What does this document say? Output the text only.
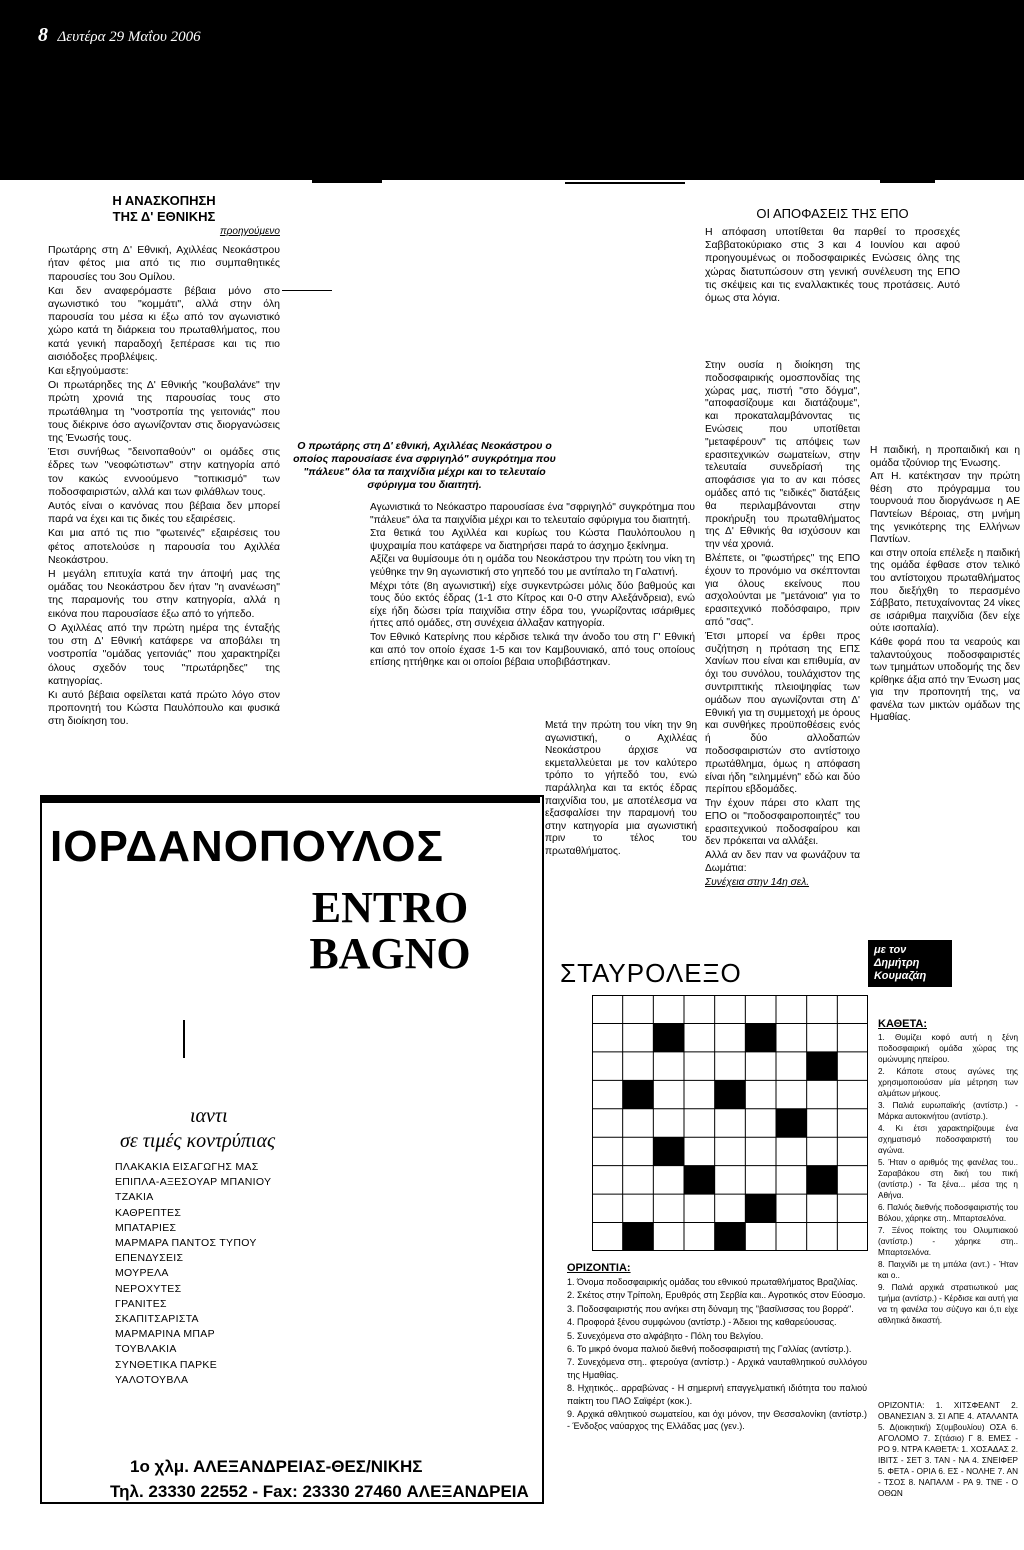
8 Δευτέρα 29 Μαΐου 2006
Η ΑΝΑΣΚΟΠΗΣΗ
ΤΗΣ Δ' ΕΘΝΙΚΗΣ
προηγούμενο

Πρωτάρης στη Δ' Εθνική, Αχιλλέας Νεοκάστρου ήταν φέτος μια από τις πιο συμπαθητικές παρουσίες του 3ου Ομίλου.

Και δεν αναφερόμαστε βέβαια μόνο στο αγωνιστικό του "κομμάτι", αλλά στην όλη παρουσία του μέσα κι έξω από τον αγωνιστικό χώρο κατά τη διάρκεια του πρωταθλήματος, που κατά γενική παραδοχή ξεπέρασε και τις πιο αισιόδοξες προβλέψεις.

Και εξηγούμαστε:

Οι πρωτάρηδες της Δ' Εθνικής "κουβαλάνε" την πρώτη χρονιά της παρουσίας τους στο πρωτάθλημα τη "νοστροπία της γειτονιάς" που τους διέκρινε όσο αγωνίζονταν στις διοργανώσεις της Ένωσής τους.

Έτσι συνήθως "δεινοπαθούν" οι ομάδες στις έδρες των "νεοφώτιστων" στην κατηγορία από τον κακώς εννοούμενο "τοπικισμό" των ποδοσφαιριστών, αλλά και των φιλάθλων τους.

Αυτός είναι ο κανόνας που βέβαια δεν μπορεί παρά να έχει και τις δικές του εξαιρέσεις.

Και μια από τις πιο "φωτεινές" εξαιρέσεις του φέτος αποτελούσε η παρουσία του Αχιλλέα Νεοκάστρου.

Η μεγάλη επιτυχία κατά την άποψή μας της ομάδας του Νεοκάστρου δεν ήταν "η ανανέωση" της παραμονής του στην κατηγορία, αλλά η εικόνα που παρουσίασε έξω από το γήπεδο.

Ο Αχιλλέας από την πρώτη ημέρα της ένταξής του στη Δ' Εθνική κατάφερε να αποβάλει τη νοστροπία "ομάδας γειτονιάς" που χαρακτηρίζει όλους σχεδόν τους "πρωτάρηδες" της κατηγορίας.

Κι αυτό βέβαια οφείλεται κατά πρώτο λόγο στον προπονητή του Κώστα Παυλόπουλο και φυσικά στη διοίκηση του.

Ο πρωτάρης στη Δ' εθνική, Αχιλλέας Νεοκάστρου ο οποίος παρουσίασε ένα σφριγηλό" συγκρότημα που "πάλευε" όλα τα παιχνίδια μέχρι και το τελευταίο σφύριγμα του διαιτητή.

Αγωνιστικά το Νεόκαστρο παρουσίασε ένα "σφριγηλό" συγκρότημα που "πάλευε" όλα τα παιχνίδια μέχρι και το τελευταίο σφύριγμα του διαιτητή.

Στα θετικά του Αχιλλέα και κυρίως του Κώστα Παυλόπουλου η ψυχραιμία που κατάφερε να διατηρήσει παρά το άσχημο ξεκίνημα.

Αξίζει να θυμίσουμε ότι η ομάδα του Νεοκάστρου την πρώτη του νίκη τη γεύθηκε την 9η αγωνιστική στο γηπεδό του με αντίπαλο τη Γαλατινή.

Μέχρι τότε (8η αγωνιστική) είχε συγκεντρώσει μόλις δύο βαθμούς και τους δύο εκτός έδρας (1-1 στο Κίτρος και 0-0 στην Αλεξάνδρεια), ενώ είχε ήδη δώσει τρία παιχνίδια στην έδρα του, γνωρίζοντας ισάριθμες ήττες από ομάδες, στη συνέχεια άλλαξαν κατηγορία.

Τον Εθνικό Κατερίνης που κέρδισε τελικά την άνοδο του στη Γ' Εθνική και από τον οποίο έχασε 1-5 και τον Καμβουνιακό, από τους οποίους επίσης ηττήθηκε και οι οποίοι βέβαια υποβιβάστηκαν.

Μετά την πρώτη του νίκη την 9η αγωνιστική, ο Αχιλλέας Νεοκάστρου άρχισε να εκμεταλλεύεται με τον καλύτερο τρόπο το γήπεδό του, ενώ παράλληλα και τα εκτός έδρας παιχνίδια του, με αποτέλεσμα να εξασφαλίσει την παραμονή του στην κατηγορία μια αγωνιστική πριν το τέλος του πρωταθλήματος.

ΟΙ ΑΠΟΦΑΣΕΙΣ ΤΗΣ ΕΠΟ

Η απόφαση υποτίθεται θα παρθεί το προσεχές Σαββατοκύριακο στις 3 και 4 Ιουνίου και αφού προηγουμένως οι ποδοσφαιρικές Ενώσεις όλης της χώρας διατυπώσουν στη γενική συνέλευση της ΕΠΟ τις σκέψεις και τις εναλλακτικές τους προτάσεις. Αυτό όμως στα λόγια.

Στην ουσία η διοίκηση της ποδοσφαιρικής ομοσπονδίας της χώρας μας, πιστή "στο δόγμα", "αποφασίζουμε και διατάζουμε", και προκαταλαμβάνοντας τις Ενώσεις που υποτίθεται "μεταφέρουν" τις απόψεις των ερασιτεχνικών σωματείων, στην τελευταία συνεδρίασή της αποφάσισε για το αν και πόσες ομάδες από τις "ειδικές" διατάξεις θα περιλαμβάνονται στην προκήρυξη του πρωταθλήματος της Δ' Εθνικής θα ισχύσουν και την νέα χρονιά.

Βλέπετε, οι "φωστήρες" της ΕΠΟ έχουν το προνόμιο να σκέπτονται για όλους εκείνους που ασχολούνται με "μετάνοια" για το ερασιτεχνικό ποδόσφαιρο, πριν από "σας".

Έτσι μπορεί να έρθει προς συζήτηση η πρόταση της ΕΠΣ Χανίων που είναι και επιθυμία, αν όχι του συνόλου, τουλάχιστον της συντριπτικής πλειοψηφίας των ομάδων που αγωνίζονται στη Δ' Εθνική για τη συμμετοχή με όρους και συνθήκες προϋποθέσεις ενός ή δύο αλλοδαπών ποδοσφαιριστών στο αντίστοιχο πρωτάθλημα, όμως η απόφαση είναι ήδη "ειλημμένη" εδώ και δύο περίπου εβδομάδες.

Την έχουν πάρει στο κλαπ της ΕΠΟ οι "ποδοσφαιροποιητές" του ερασιτεχνικού ποδοσφαίρου και δεν πρόκειται να αλλάξει.

Αλλά αν δεν παν να φωνάζουν τα Δωμάτια:

Συνέχεια στην 14η σελ.

Η παιδική, η προπαιδική και η ομάδα τζούνιορ της Ένωσης.

Απ Η. κατέκτησαν την πρώτη θέση στο πρόγραμμα του τουρνουά που διοργάνωσε η ΑΕ Παντείων Βέροιας, στη μνήμη της γενικότερης της Ελλήνων Παντίων.

και στην οποία επέλεξε η παιδική της ομάδα έφθασε στον τελικό του αντίστοιχου πρωταθλήματος που διεξήχθη το περασμένο Σάββατο, πετυχαίνοντας 24 νίκες σε ισάριθμα παιχνίδια (δεν είχε ούτε ισοπαλία).

Κάθε φορά που τα νεαρούς και ταλαντούχους ποδοσφαιριστές των τμημάτων υποδομής της δεν κρίθηκε άξια από την Ένωση μας για την προπονητή της, να φανέλα των μικτών ομάδων της Ημαθίας.

με τον
Δημήτρη
Κουμαζάη
ΙΟΡΔΑΝΟΠΟΥΛΟΣ
ENTRO
BAGNO
ιαντι
σε τιμές κοντρύπιας
ΠΛΑΚΑΚΙΑ ΕΙΣΑΓΩΓΗΣ ΜΑΣ
ΕΠΙΠΛΑ-ΑΞΕΣΟΥΑΡ ΜΠΑΝΙΟΥ
ΤΖΑΚΙΑ
ΚΑΘΡΕΠΤΕΣ
ΜΠΑΤΑΡΙΕΣ
ΜΑΡΜΑΡΑ ΠΑΝΤΟΣ ΤΥΠΟΥ
ΕΠΕΝΔΥΣΕΙΣ
ΜΟΥΡΕΛΑ
ΝΕΡΟΧΥΤΕΣ
ΓΡΑΝΙΤΕΣ
ΣΚΑΠΙΤΣΑΡΙΣΤΑ
ΜΑΡΜΑΡΙΝΑ ΜΠΑΡ
ΤΟΥΒΛΑΚΙΑ
ΣΥΝΘΕΤΙΚΑ ΠΑΡΚΕ
ΥΑΛΟΤΟΥΒΛΑ
1ο χλμ. ΑΛΕΞΑΝΔΡΕΙΑΣ-ΘΕΣ/ΝΙΚΗΣ
Τηλ. 23330 22552 - Fax: 23330 27460 ΑΛΕΞΑΝΔΡΕΙΑ
ΣΤΑΥΡΟΛΕΞΟ
ΟΡΙΖΟΝΤΙΑ:

1. Όνομα ποδοσφαιρικής ομάδας του εθνικού πρωταθλήματος Βραζιλίας.

2. Σκέτος στην Τρίπολη, Ερυθρός στη Σερβία και.. Αγροτικός στον Εύοσμο.

3. Ποδοσφαιριστής που ανήκει στη δύναμη της "βασίλισσας του βορρά".

4. Προφορά ξένου συμφώνου (αντίστρ.) - Άδειοι της καθαρεύουσας.

5. Συνεχόμενα στο αλφάβητο - Πόλη του Βελγίου.

6. Το μικρό όνομα παλιού διεθνή ποδοσφαιριστή της Γαλλίας (αντίστρ.).

7. Συνεχόμενα στη.. φτερούγα (αντίστρ.) - Αρχικά ναυταθλητικού συλλόγου της Ημαθίας.

8. Ηχητικός.. αρραβώνας - Η σημερινή επαγγελματική ιδιότητα του παλιού παίκτη του ΠΑΟ Σαϊφέρτ (κοκ.).

9. Αρχικά αθλητικού σωματείου, και όχι μόνον, την Θεσσαλονίκη (αντίστρ.) - Ένδοξος ναύαρχος της Ελλάδας μας (γεν.).

ΚΑΘΕΤΑ:

1. Θυμίζει κοφό αυτή η ξένη ποδοσφαιρική ομάδα χώρας της ομώνυμης ηπείρου.

2. Κάποτε στους αγώνες της χρησιμοποιούσαν μία μέτρηση των αλμάτων μήκους.

3. Παλιά ευρωπαϊκής (αντίστρ.) - Μάρκα αυτοκινήτου (αντίστρ.).

4. Κι έτσι χαρακτηρίζουμε ένα σχηματισμό ποδοσφαιριστή του αγώνα.

5. Ήταν ο αριθμός της φανέλας του.. Σαραβάκου στη δική του πική (αντίστρ.) - Τα ξένα... μέσα της η Αθήνα.

6. Παλιός διεθνής ποδοσφαιριστής του Βόλου, χάρηκε στη.. Μπαρτσελόνα.

7. Ξένος ποίκτης του Ολυμπιακού (αντίστρ.) - χάρηκε στη.. Μπαρτσελόνα.

8. Παιχνίδι με τη μπάλα (αντ.) - Ήταν και ο..

9. Παλιά αρχικά στρατιωτικού μας τμήμα (αντίστρ.) - Κέρδισε και αυτή για να τη φανέλα του σύζυγο και ό,τι είχε αθλητικά δικαστή.

ΟΡΙΖΟΝΤΙΑ: 1. ΧΙΤΣΦΕΑΝΤ 2. ΟΒΑΝΕΣΙΑΝ 3. ΣΙ ΑΠΕ 4. ΑΤΑΛΑΝΤΑ 5. Δ(ιοικητική) Σ(υμβουλίου) ΟΣΑ 6. ΑΓΟΛΟΜΟ 7. Σ(τάσιο) Γ 8. ΕΜΕΣ - ΡΟ 9. ΝΤΡΑ ΚΑΘΕΤΑ: 1. ΧΟΣΑΔΑΣ 2. ΙΒΙΤΣ - ΣΕΤ 3. ΤΑΝ - ΝΑ 4. ΣΝΕΙΦΕΡ 5. ΦΕΤΑ - ΟΡΙΑ 6. ΕΣ - ΝΟΛΗΕ 7. ΑΝ - ΤΣΟΣ 8. ΝΑΠΑΛΜ - ΡΑ 9. ΤΝΕ - Ο ΟΘΩΝ
